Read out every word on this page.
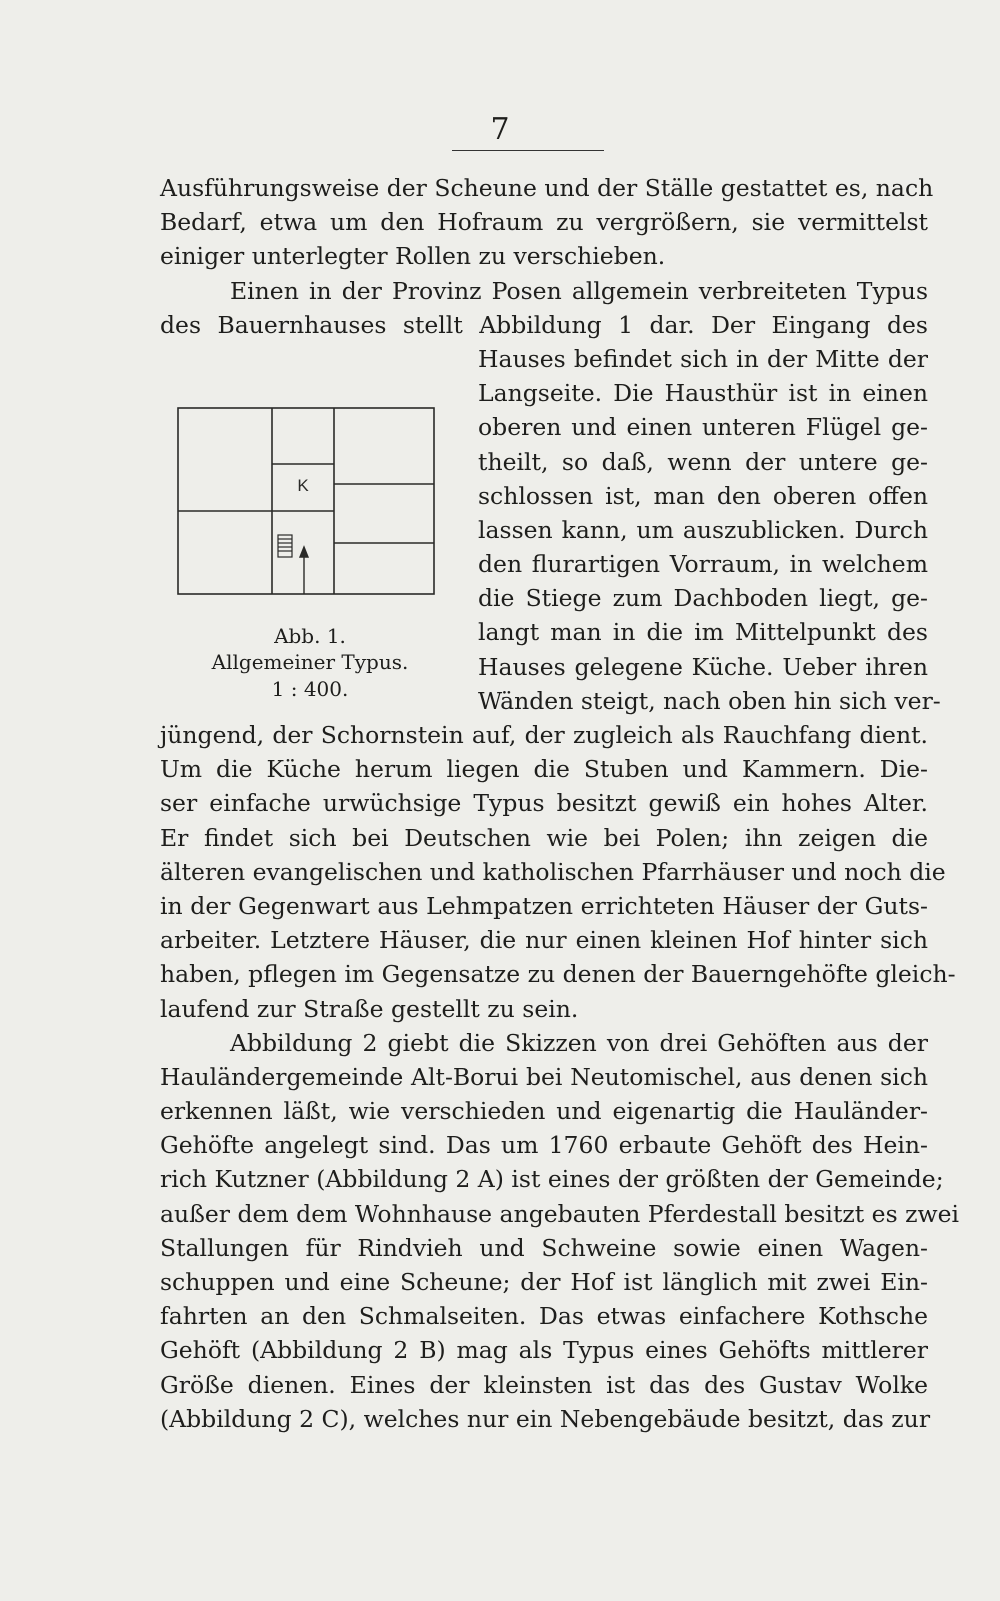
7
K
Abb. 1.
Allgemeiner Typus.
1 : 400.
Ausführungsweise der Scheune und der Ställe gestattet es, nach
Bedarf, etwa um den Hofraum zu vergrößern, sie vermittelst
einiger unterlegter Rollen zu verschieben.
Einen in der Provinz Posen allgemein verbreiteten Typus
des Bauernhauses stellt Abbildung 1 dar. Der Eingang des
Hauses befindet sich in der Mitte der
Langseite. Die Hausthür ist in einen
oberen und einen unteren Flügel ge-
theilt, so daß, wenn der untere ge-
schlossen ist, man den oberen offen
lassen kann, um auszublicken. Durch
den flurartigen Vorraum, in welchem
die Stiege zum Dachboden liegt, ge-
langt man in die im Mittelpunkt des
Hauses gelegene Küche. Ueber ihren
Wänden steigt, nach oben hin sich ver-
jüngend, der Schornstein auf, der zugleich als Rauchfang dient.
Um die Küche herum liegen die Stuben und Kammern. Die-
ser einfache urwüchsige Typus besitzt gewiß ein hohes Alter.
Er findet sich bei Deutschen wie bei Polen; ihn zeigen die
älteren evangelischen und katholischen Pfarrhäuser und noch die
in der Gegenwart aus Lehmpatzen errichteten Häuser der Guts-
arbeiter. Letztere Häuser, die nur einen kleinen Hof hinter sich
haben, pflegen im Gegensatze zu denen der Bauerngehöfte gleich-
laufend zur Straße gestellt zu sein.
Abbildung 2 giebt die Skizzen von drei Gehöften aus der
Hauländergemeinde Alt-Borui bei Neutomischel, aus denen sich
erkennen läßt, wie verschieden und eigenartig die Hauländer-
Gehöfte angelegt sind. Das um 1760 erbaute Gehöft des Hein-
rich Kutzner (Abbildung 2 A) ist eines der größten der Gemeinde;
außer dem dem Wohnhause angebauten Pferdestall besitzt es zwei
Stallungen für Rindvieh und Schweine sowie einen Wagen-
schuppen und eine Scheune; der Hof ist länglich mit zwei Ein-
fahrten an den Schmalseiten. Das etwas einfachere Kothsche
Gehöft (Abbildung 2 B) mag als Typus eines Gehöfts mittlerer
Größe dienen. Eines der kleinsten ist das des Gustav Wolke
(Abbildung 2 C), welches nur ein Nebengebäude besitzt, das zur
